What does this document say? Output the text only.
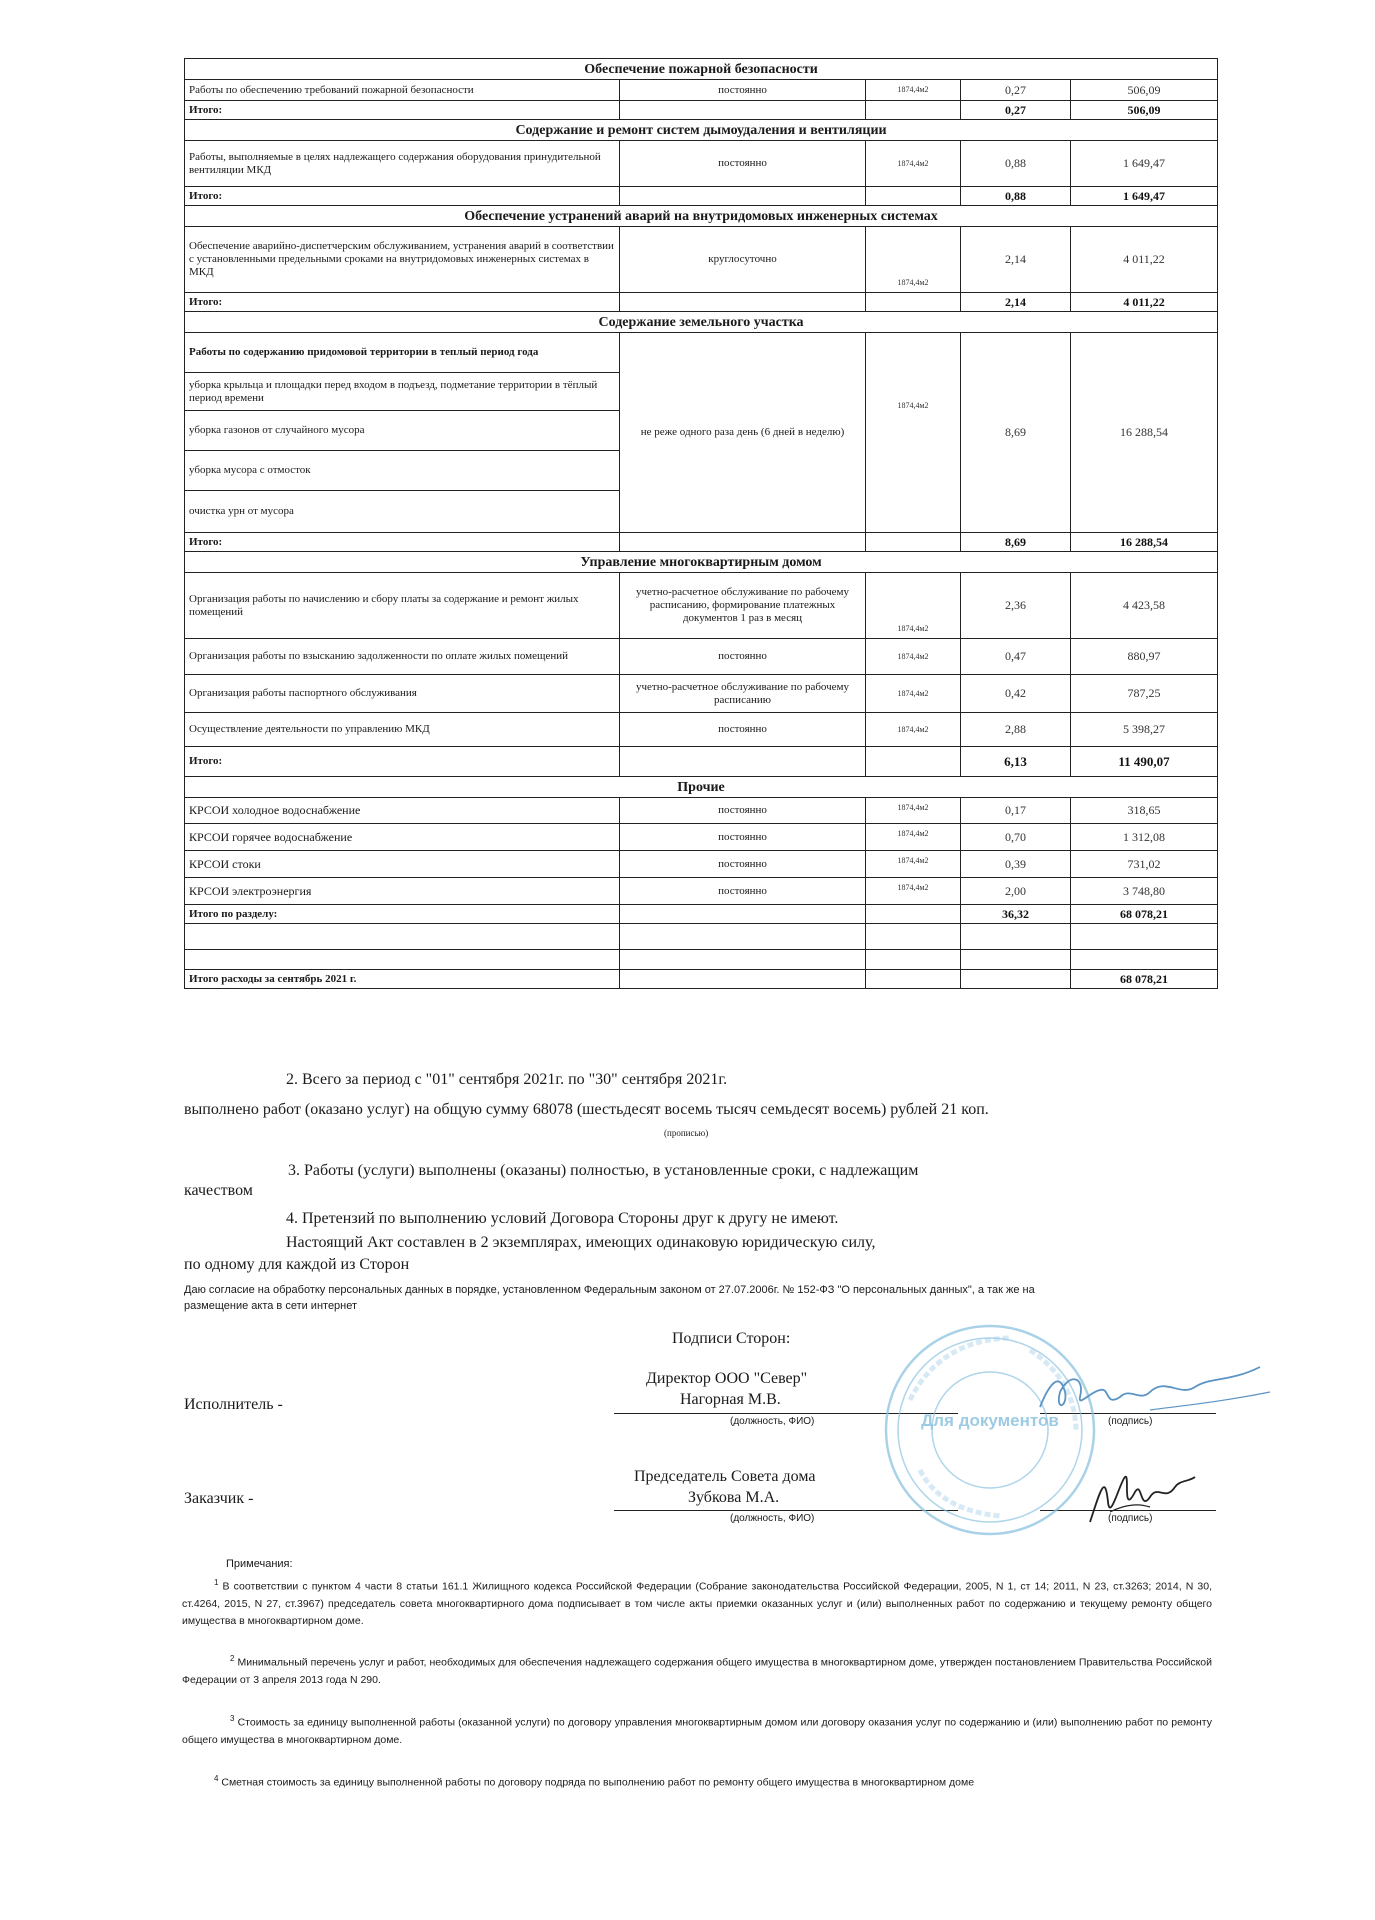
Обеспечение пожарной безопасности				
Работы по обеспечению требований пожарной безопасности	постоянно	1874,4м2	0,27	506,09
Итого:			0,27	506,09
Содержание и ремонт систем дымоудаления и вентиляции				
Работы, выполняемые в целях надлежащего содержания оборудования принудительной вентиляции МКД	постоянно	1874,4м2	0,88	1 649,47
Итого:			0,88	1 649,47
Обеспечение устранений аварий на внутридомовых инженерных системах				
Обеспечение аварийно-диспетчерским обслуживанием, устранения аварий в соответствии с установленными предельными сроками на внутридомовых инженерных системах в МКД	круглосуточно	1874,4м2	2,14	4 011,22
Итого:			2,14	4 011,22
Содержание земельного участка				
Работы по содержанию придомовой территории в теплый период года	не реже одного раза день (6 дней в неделю)	1874,4м2	8,69	16 288,54
уборка крыльца и площадки перед входом в подъезд, подметание территории в тёплый период времени				
уборка газонов от случайного мусора				
уборка мусора с отмосток				
очистка урн от мусора				
Итого:			8,69	16 288,54
Управление многоквартирным домом				
Организация работы по начислению и сбору платы за содержание и ремонт жилых помещений	учетно-расчетное обслуживание по рабочему расписанию, формирование платежных документов 1 раз в месяц	1874,4м2	2,36	4 423,58
Организация работы по взысканию задолженности по оплате жилых помещений	постоянно	1874,4м2	0,47	880,97
Организация работы паспортного обслуживания	учетно-расчетное обслуживание по рабочему расписанию	1874,4м2	0,42	787,25
Осуществление деятельности по управлению МКД	постоянно	1874,4м2	2,88	5 398,27
Итого:			6,13	11 490,07
Прочие				
КРСОИ холодное водоснабжение	постоянно	1874,4м2	0,17	318,65
КРСОИ горячее водоснабжение	постоянно	1874,4м2	0,70	1 312,08
КРСОИ стоки	постоянно	1874,4м2	0,39	731,02
КРСОИ электроэнергия	постоянно	1874,4м2	2,00	3 748,80
Итого по разделу:			36,32	68 078,21

Итого расходы за сентябрь 2021 г.				68 078,21
2. Всего за период с "01" сентября 2021г. по "30" сентября 2021г.
выполнено работ (оказано услуг) на общую сумму 68078 (шестьдесят восемь тысяч семьдесят восемь) рублей 21 коп.
(прописью)
3. Работы (услуги) выполнены (оказаны) полностью, в установленные сроки, с надлежащим
качеством
4. Претензий по выполнению условий Договора Стороны друг к другу не имеют.
Настоящий Акт составлен в 2 экземплярах, имеющих одинаковую юридическую силу,
по одному для каждой из Сторон
Даю согласие на обработку персональных данных в порядке, установленном Федеральным законом от 27.07.2006г. № 152-ФЗ "О персональных данных", а так же на
размещение акта в сети интернет
Подписи Сторон:
Исполнитель -
Директор ООО "Север"
Нагорная М.В.
(должность, ФИО)	(подпись)
Заказчик -
Председатель Совета дома
Зубкова М.А.
(должность, ФИО)	(подпись)
Для документов
Примечания:
$^1$ В соответствии с пунктом 4 части 8 статьи 161.1 Жилищного кодекса Российской Федерации (Собрание законодательства Российской Федерации, 2005, N 1, ст 14; 2011, N 23, ст.3263; 2014, N 30, ст.4264, 2015, N 27, ст.3967) председатель совета многоквартирного дома подписывает в том числе акты приемки оказанных услуг и (или) выполненных работ по содержанию и текущему ремонту общего имущества в многоквартирном доме.
$^2$ Минимальный перечень услуг и работ, необходимых для обеспечения надлежащего содержания общего имущества в многоквартирном доме, утвержден постановлением Правительства Российской Федерации от 3 апреля 2013 года N 290.
$^3$ Стоимость за единицу выполненной работы (оказанной услуги) по договору управления многоквартирным домом или договору оказания услуг по содержанию и (или) выполнению работ по ремонту общего имущества в многоквартирном доме.
$^4$ Сметная стоимость за единицу выполненной работы по договору подряда по выполнению работ по ремонту общего имущества в многоквартирном доме
